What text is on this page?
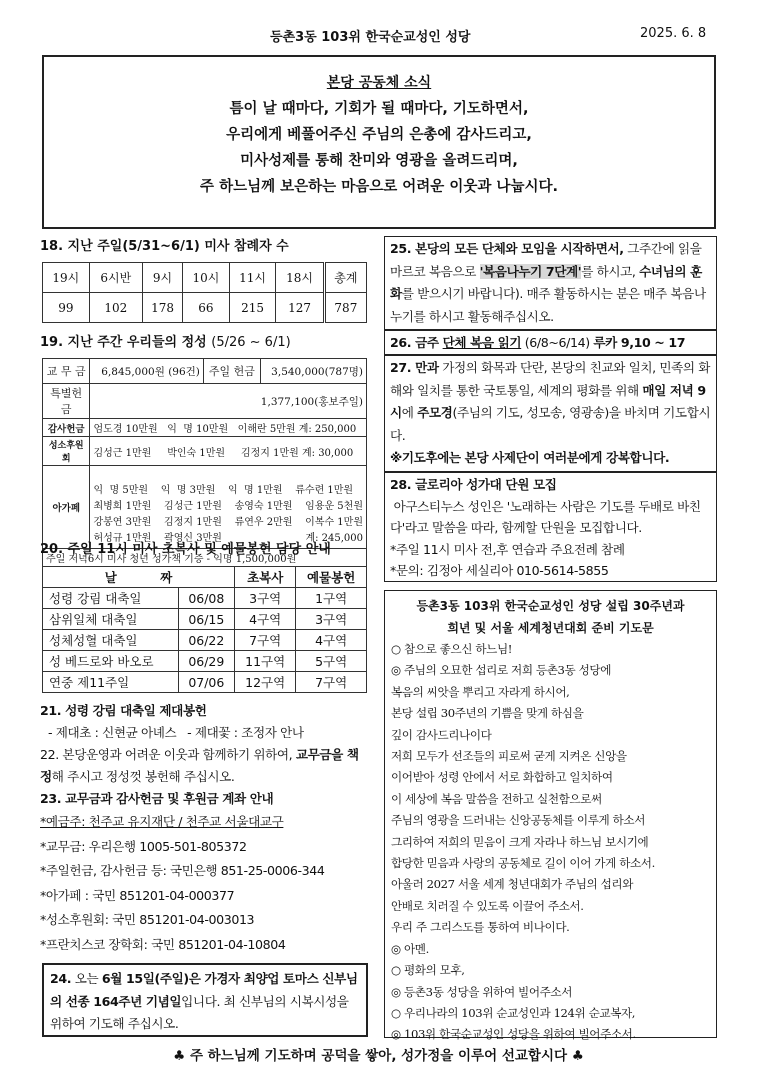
등촌3동 103위 한국순교성인 성당	2025. 6. 8
본당 공동체 소식
틈이 날 때마다, 기회가 될 때마다, 기도하면서,
우리에게 베풀어주신 주님의 은총에 감사드리고,
미사성제를 통해 찬미와 영광을 올려드리며,
주 하느님께 보은하는 마음으로 어려운 이웃과 나눕시다.
18. 지난 주일(5/31~6/1) 미사 참례자 수
19시	6시반	9시	10시	11시	18시	총계
99	102	178	66	215	127	787
19. 지난 주간 우리들의 정성 (5/26 ~ 6/1)
교 무 금	6,845,000원 (96건)	주일 헌금	3,540,000(787명)
특별헌금	1,377,100(홍보주일)		
감사헌금	엄도경 10만원   익  명 10만원   이해란 5만원 계: 250,000		
성소후원회	김성근 1만원     박인숙 1만원     김정지 1만원 계: 30,000		
아가페	익  명 5만원    익  명 3만원    익  명 1만원    류수련 1만원
최병희 1만원    김성근 1만원    송영숙 1만원    임용운 5천원
강봉연 3만원    김정지 1만원    류연우 2만원    이복수 1만원
허성규 1만원    곽영신 3만원 계: 245,000		

주일 저녁6시 미사 청년 성가책 기증 - 익명 1,500,000원			
20. 주일 11시 미사 초복사 및 예물봉헌 담당 안내
날          짜		초복사	예물봉헌
성령 강림 대축일	06/08	3구역	1구역
삼위일체 대축일	06/15	4구역	3구역
성체성혈 대축일	06/22	7구역	4구역
성 베드로와 바오로	06/29	11구역	5구역
연중 제11주일	07/06	12구역	7구역
21. 성령 강림 대축일 제대봉헌
- 제대초 : 신현균 아녜스   - 제대꽃 : 조정자 안나
22. 본당운영과 어려운 이웃과 함께하기 위하여, 교무금을 책정해 주시고 정성껏 봉헌해 주십시오.
23. 교무금과 감사헌금 및 후원금 계좌 안내
*예금주: 천주교 유지재단 / 천주교 서울대교구
*교무금: 우리은행 1005-501-805372
*주일헌금, 감사헌금 등: 국민은행 851-25-0006-344
*아가페 : 국민 851201-04-000377
*성소후원회: 국민 851201-04-003013
*프란치스코 장학회: 국민 851201-04-10804
24. 오는 6월 15일(주일)은 가경자 최양업 토마스 신부님의 선종 164주년 기념일입니다. 최 신부님의 시복시성을 위하여 기도해 주십시오.
25. 본당의 모든 단체와 모임을 시작하면서, 그주간에 읽을 마르코 복음으로 '복음나누기 7단계'를 하시고, 수녀님의 훈화를 받으시기 바랍니다). 매주 활동하시는 분은 매주 복음나누기를 하시고 활동해주십시오.
26. 금주 단체 복음 읽기 (6/8~6/14) 루카 9,10 ~ 17
27. 만과 가정의 화목과 단란, 본당의 친교와 일치, 민족의 화해와 일치를 통한 국토통일, 세계의 평화를 위해 매일 저녁 9시에 주모경(주님의 기도, 성모송, 영광송)을 바치며 기도합시다.
※기도후에는 본당 사제단이 여러분에게 강복합니다.
28. 글로리아 성가대 단원 모집
아구스티누스 성인은 '노래하는 사람은 기도를 두배로 바친다'라고 말씀을 따라, 함께할 단원을 모집합니다.
*주일 11시 미사 전,후 연습과 주요전례 참례
*문의: 김정아 세실리아 010-5614-5855
등촌3동 103위 한국순교성인 성당 설립 30주년과
희년 및 서울 세계청년대회 준비 기도문
○ 참으로 좋으신 하느님!
◎ 주님의 오묘한 섭리로 저희 등촌3동 성당에
복음의 씨앗을 뿌리고 자라게 하시어,
본당 설립 30주년의 기쁨을 맞게 하심을
깊이 감사드리나이다
저희 모두가 선조들의 피로써 굳게 지켜온 신앙을
이어받아 성령 안에서 서로 화합하고 일치하여
이 세상에 복음 말씀을 전하고 실천함으로써
주님의 영광을 드러내는 신앙공동체를 이루게 하소서
그리하여 저희의 믿음이 크게 자라나 하느님 보시기에
합당한 믿음과 사랑의 공동체로 길이 이어 가게 하소서.
아울러 2027 서울 세계 청년대회가 주님의 섭리와
안배로 치러질 수 있도록 이끌어 주소서.
우리 주 그리스도를 통하여 비나이다.
◎ 아멘.
○ 평화의 모후,
◎ 등촌3동 성당을 위하여 빌어주소서
○ 우리나라의 103위 순교성인과 124위 순교복자,
◎ 103위 한국순교성인 성당을 위하여 빌어주소서.
♣ 주 하느님께 기도하며 공덕을 쌓아, 성가정을 이루어 선교합시다 ♣
